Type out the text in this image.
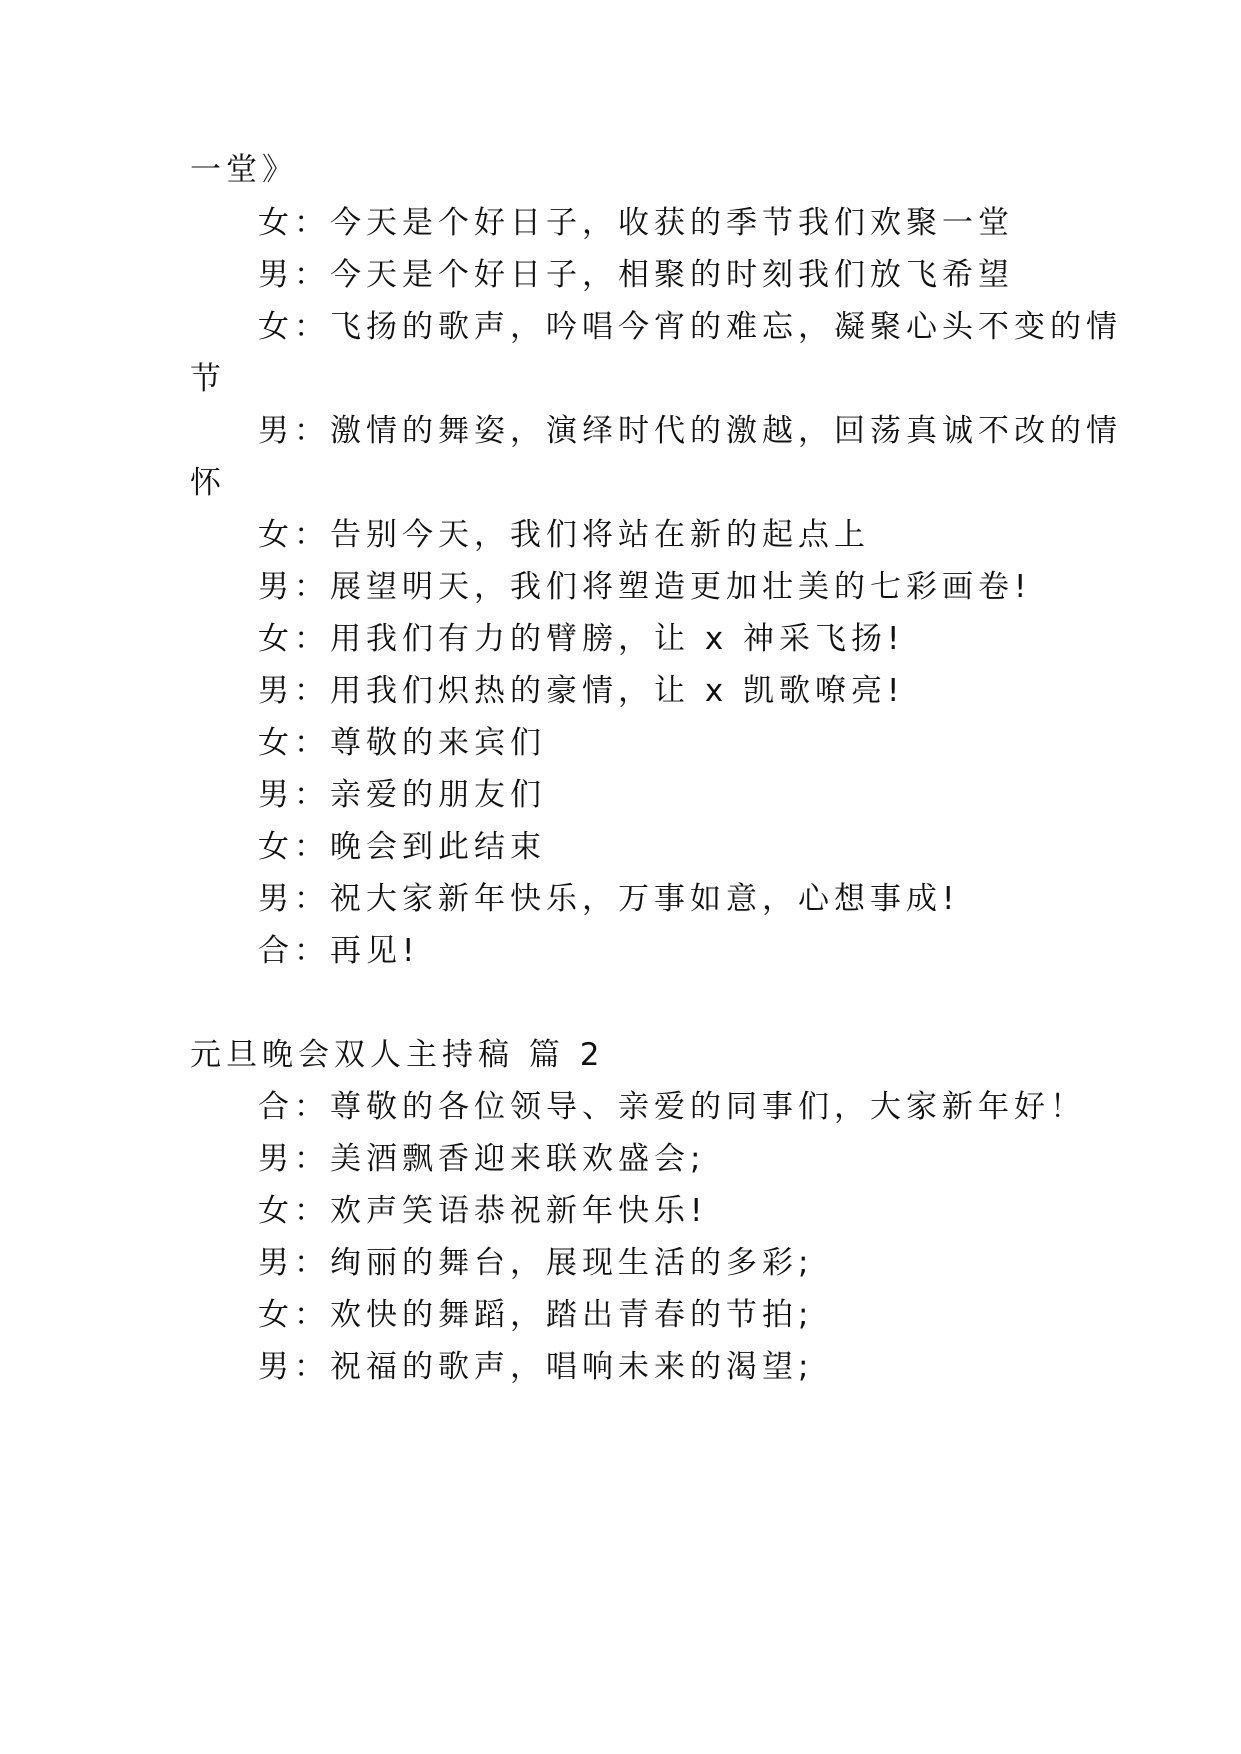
一堂》
女：今天是个好日子，收获的季节我们欢聚一堂
男：今天是个好日子，相聚的时刻我们放飞希望
女：飞扬的歌声，吟唱今宵的难忘，凝聚心头不变的情
节
男：激情的舞姿，演绎时代的激越，回荡真诚不改的情
怀
女：告别今天，我们将站在新的起点上
男：展望明天，我们将塑造更加壮美的七彩画卷!
女：用我们有力的臂膀，让 x 神采飞扬!
男：用我们炽热的豪情，让 x 凯歌嘹亮!
女：尊敬的来宾们
男：亲爱的朋友们
女：晚会到此结束
男：祝大家新年快乐，万事如意，心想事成!
合：再见!
元旦晚会双人主持稿 篇 2
合：尊敬的各位领导、亲爱的同事们，大家新年好！
男：美酒飘香迎来联欢盛会;
女：欢声笑语恭祝新年快乐!
男：绚丽的舞台，展现生活的多彩;
女：欢快的舞蹈，踏出青春的节拍;
男：祝福的歌声，唱响未来的渴望;
